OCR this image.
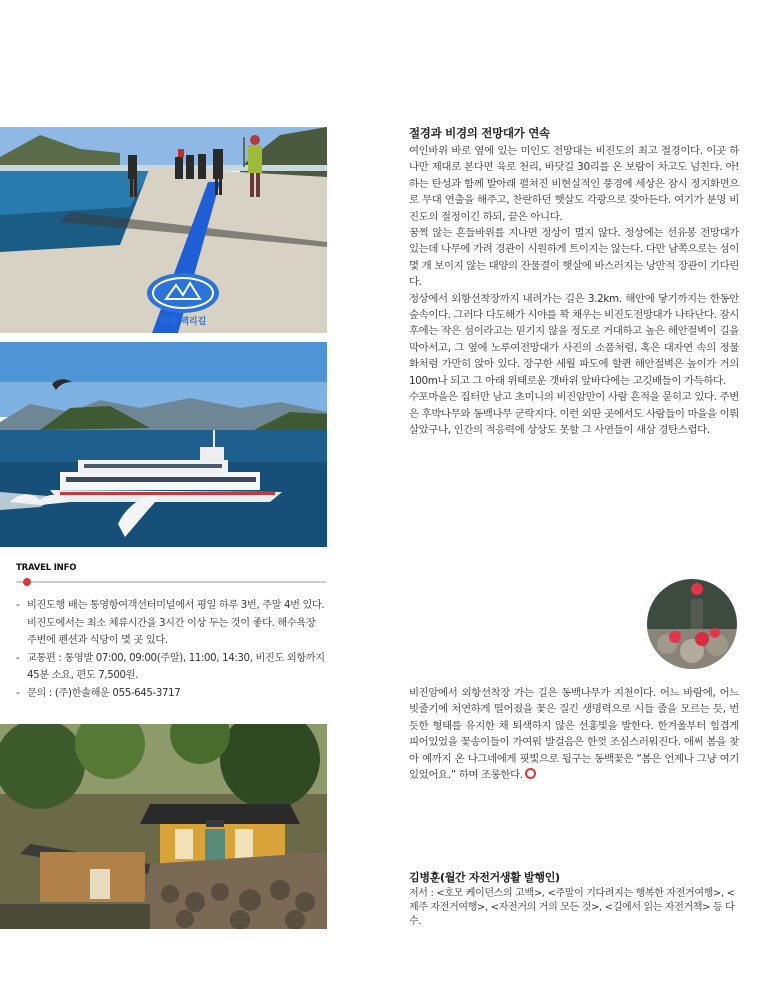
바다 백리길
TRAVEL INFO
- 비진도행 배는 통영항여객선터미널에서 평일 하루 3번, 주말 4번 있다. 비진도에서는 최소 체류시간을 3시간 이상 두는 것이 좋다. 해수욕장 주변에 펜션과 식당이 몇 곳 있다.
- 교통편 : 통영발 07:00, 09:00(주말), 11:00, 14:30, 비진도 외항까지 45분 소요, 편도 7,500원.
- 문의 : (주)한솔해운 055-645-3717
절경과 비경의 전망대가 연속

여인바위 바로 옆에 있는 미인도 전망대는 비진도의 최고 절경이다. 이곳 하나만 제대로 본다면 육로 천리, 바닷길 30리를 온 보람이 차고도 넘친다. 아! 하는 탄성과 함께 발아래 펼쳐진 비현실적인 풍경에 세상은 잠시 정지화면으로 무대 연출을 해주고, 찬란하던 햇살도 각광으로 잦아든다. 여기가 분명 비진도의 절정이긴 하되, 끝은 아니다.

꿈쩍 않는 흔들바위를 지나면 정상이 멀지 않다. 정상에는 선유봉 전망대가 있는데 나무에 가려 경관이 시원하게 트이지는 않는다. 다만 남쪽으로는 섬이 몇 개 보이지 않는 대양의 잔물결이 햇살에 바스러지는 낭만적 장관이 기다린다.

정상에서 외항선착장까지 내려가는 길은 3.2km. 해안에 닿기까지는 한동안 숲속이다. 그러다 다도해가 시야를 꽉 채우는 비진도전망대가 나타난다. 잠시 후에는 작은 섬이라고는 믿기지 않을 정도로 거대하고 높은 해안절벽이 길을 막아서고, 그 옆에 노루여전망대가 사진의 소품처럼, 혹은 대자연 속의 정물화처럼 가만히 앉아 있다. 장구한 세월 파도에 할퀸 해안절벽은 높이가 거의 100m나 되고 그 아래 위태로운 갯바위 앞바다에는 고깃배들이 가득하다.

수포마을은 집터만 남고 초미니의 비진암만이 사람 흔적을 묻히고 있다. 주변은 후박나무와 동백나무 군락지다. 이런 외딴 곳에서도 사람들이 마을을 이뤄 살았구나, 인간의 적응력에 상상도 못할 그 사연들이 새삼 경탄스럽다.

비진암에서 외항선착장 가는 길은 동백나무가 지천이다. 어느 바람에, 어느 빗줄기에 처연하게 떨어졌을 꽃은 질긴 생명력으로 시들 줄을 모르는 듯, 번듯한 형태를 유지한 채 퇴색하지 않은 선홍빛을 발한다. 한겨울부터 힘겹게 피어있었을 꽃송이들이 가여워 발걸음은 한껏 조심스러워진다. 애써 봄을 찾아 예까지 온 나그네에게 핏빛으로 뒹구는 동백꽃은 “봄은 언제나 그냥 여기 있었어요.” 하며 조롱한다.

김병훈(월간 자전거생활 발행인)

저서 : <호모 케이던스의 고백>, <주말이 기다려지는 행복한 자전거여행>, <제주 자전거여행>, <자전거의 거의 모든 것>, <길에서 읽는 자전거책> 등 다수.
